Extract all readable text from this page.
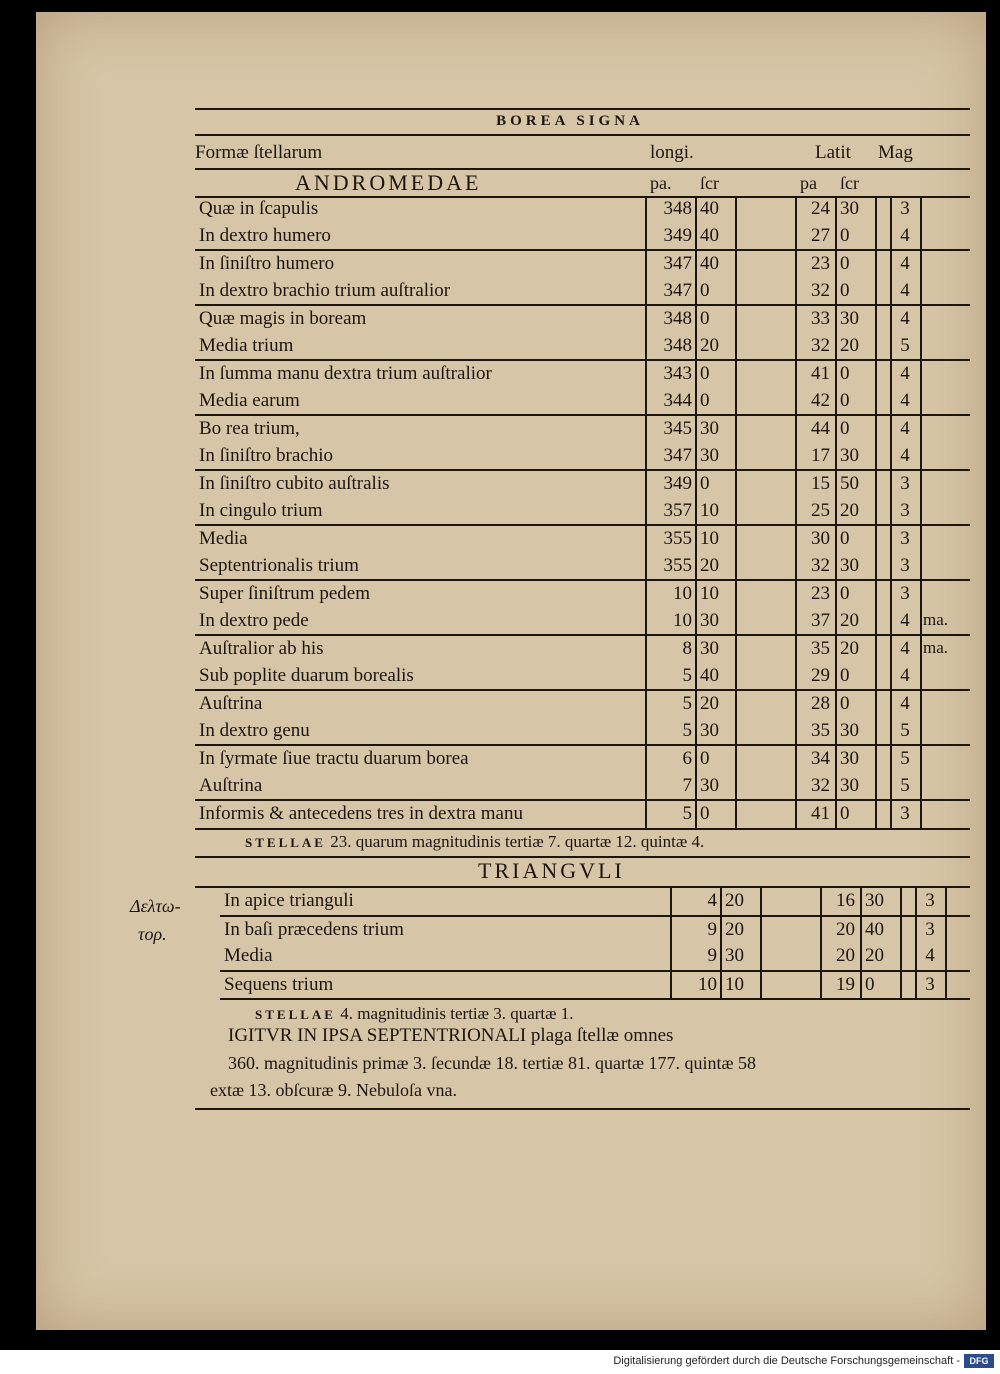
BOREA SIGNA
Formæ ſtellarum	longi.	Latit Mag
ANDROMEDAE	pa. ſcr	pa ſcr
Quæ in ſcapulis	348 40	24 30	3
In dextro humero	349 40	27 0	4
In ſiniſtro humero	347 40	23 0	4
In dextro brachio trium auſtralior	347 0	32 0	4
Quæ magis in boream	348 0	33 30	4
Media trium	348 20	32 20	5
In ſumma manu dextra trium auſtralior	343 0	41 0	4
Media earum	344 0	42 0	4
Bo rea trium,	345 30	44 0	4
In ſiniſtro brachio	347 30	17 30	4
In ſiniſtro cubito auſtralis	349 0	15 50	3
In cingulo trium	357 10	25 20	3
Media	355 10	30 0	3
Septentrionalis trium	355 20	32 30	3
Super ſiniſtrum pedem	10 10	23 0	3
In dextro pede	10 30	37 20	4 ma.
Auſtralior ab his	8 30	35 20	4 ma.
Sub poplite duarum borealis	5 40	29 0	4
Auſtrina	5 20	28 0	4
In dextro genu	5 30	35 30	5
In ſyrmate ſiue tractu duarum borea	6 0	34 30	5
Auſtrina	7 30	32 30	5
Informis & antecedens tres in dextra manu	5 0	41 0	3
STELLAE 23. quarum magnitudinis tertiæ 7. quartæ 12. quintæ 4.
TRIANGVLI
Δελτω-
τορ.
In apice trianguli	4 20	16 30	3
In baſi præcedens trium	9 20	20 40	3
Media	9 30	20 20	4
Sequens trium	10 10	19 0	3
STELLAE 4. magnitudinis tertiæ 3. quartæ 1.
IGITVR IN IPSA SEPTENTRIONALI plaga ſtellæ omnes
360. magnitudinis primæ 3. ſecundæ 18. tertiæ 81. quartæ 177. quintæ 58
extæ 13. obſcuræ 9. Nebuloſa vna.
Digitalisierung gefördert durch die Deutsche Forschungsgemeinschaft -	DFG
